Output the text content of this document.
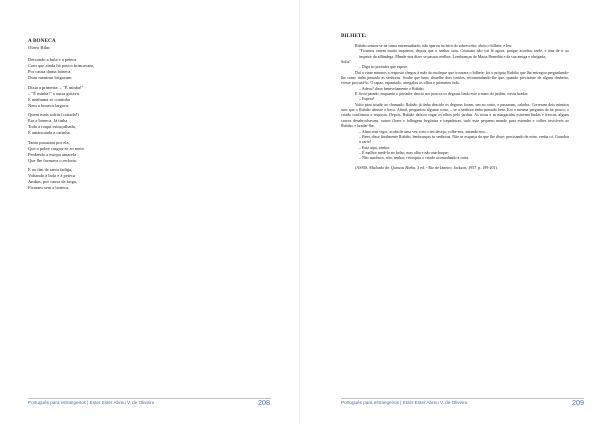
A BONECA
Olavo Bilac
Deixando a bola e a peteca
Com que ainda há pouco brincavam,
Por causa duma boneca
Duas meninas brigavam
Dizia a primeira: – "É minha!"
– "É minha!" a outra gritava.
E nenhuma se continha
Nem a boneca largava.
Quem mais sofria (coitada!)
Era a boneca. Já tinha
Toda a roupa estraçalhada,
E amarrotada a carinha.
Tanto puxaram por ela,
Que a pobre rasgou-se ao meio
Perdendo a estopa amarela
Que lhe formava o recheio.
E ao fim de tanta fadiga,
Voltando à bola e à peteca
Ambas, por causa da briga,
Ficaram sem a boneca.
Português para estrangeiros | Ester Ester Abreu V. de Oliveira	208
BILHETE:
Português para estrangeiros | Ester Ester Abreu V. de Oliveira	209

Rubião sentou-se na cama estremunhado, não sparou na letra do sobrescrito; abriu o bilhete, e leu:

"Ficamos ontem muito inquietos, depois que o senhor saiu. Cristiano não vai lá agora, porque acordou tarde, e tem de ir ao inspetor da alfândega. Mande-nos dizer se passou melhor. Lembranças de Maria Benedita e da sua amiga e obrigada,

Sofia".

– Diga ao portador que espere.

Daí a vinte minutos a resposta chegou à mão do moleque que trouxera o bilhete; foi o próprio Rubião que lha entregou pergunlando-lhe como tinha passado as senhoras. Soube que bem; disselhe dois tostões, recomendando-lhe que, quando precisasse de alguns dinheiro, viesse procurá-lo. O rapaz, espantado, arregalou os olhos e prometeu tudo.

– Adeus? disse benevolamente o Rubião.

E ficou parado, enquanto o portador descia aos poucos os degraus lindo este a mato do jardim, ouviu bradar:

– Espera!

Volto para acudir ao chamado; Rubião já tinha descido os degraus foram, um ao outro, e passaram, calados. Correram dois minutos sem que o Rubião abrisse a boca. Afinal, perguntou alguma coisa, – se a senhora tinha passado bem. Era a mesma pergunta da há pouco; o criado confirmou a resposta. Depois, Rubião deixou vagar os olhos pelo jardim. As rosas e as margaridas estavam lindas e frescas, alguns cravos desabrochavam, outras flores e folhagens begônias e trepadeiras, tudo esse pequeno mundo para estender e colhes invisíveis ao Rubião, e bradar-lhe.

– Alma sem vigor, acaba de uma vez com o teu desejo; colhe-nos, amando-nos...

– Bem, disse finalmente Rubião, lembranças às senhoras. Não se esqueça do que lhe disse; precisando de mim, venha cá. Guardou a carta?

– Está aqui, senhor.

– É melhor metê-la no bolso, mas olha e não machuque;

– Não machuco, não, senhor, retorquiu o criado acomodando a carta.

(ASSIS, Machado de. Quincas Borba. 3 ed. - Rio de Janeiro: Jackson, 1957. p. 199-201).
